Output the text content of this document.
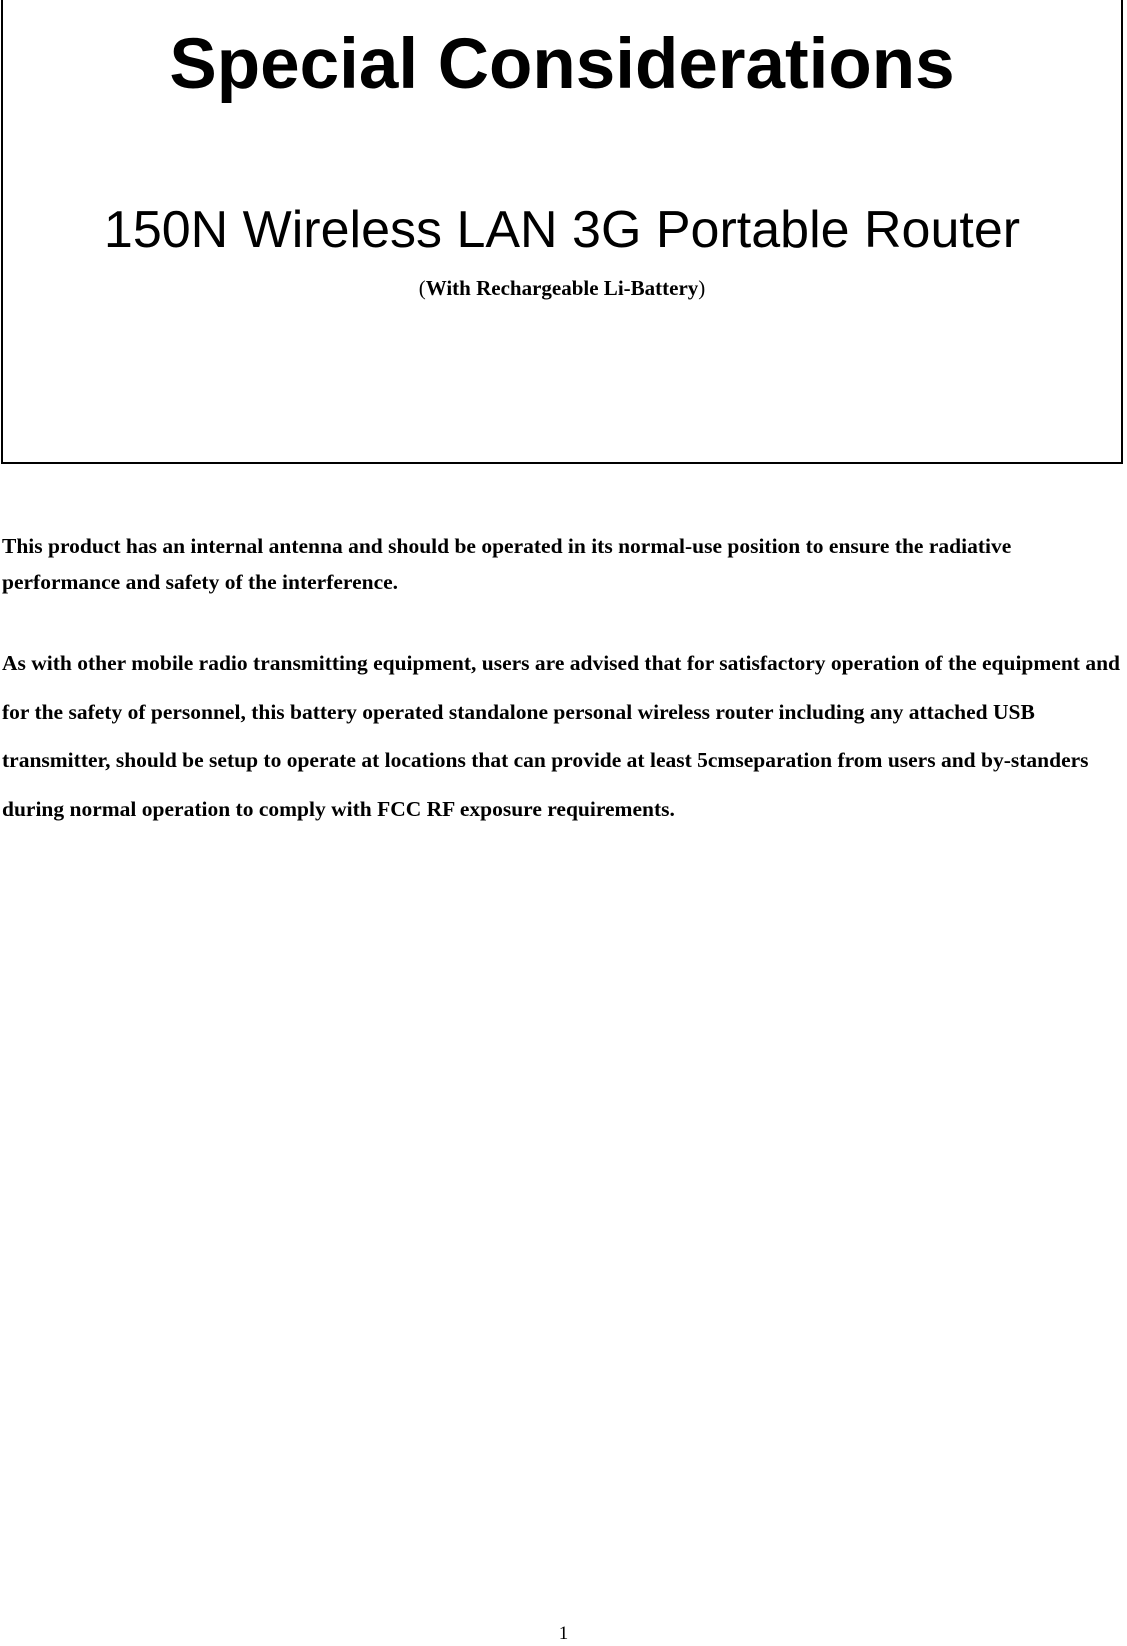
Special Considerations
150N Wireless LAN 3G Portable Router

(With Rechargeable Li-Battery)

This product has an internal antenna and should be operated in its normal-use position to ensure the radiative performance and safety of the interference.

As with other mobile radio transmitting equipment, users are advised that for satisfactory operation of the equipment and for the safety of personnel, this battery operated standalone personal wireless router including any attached USB transmitter, should be setup to operate at locations that can provide at least 5cmseparation from users and by-standers during normal operation to comply with FCC RF exposure requirements.

1
